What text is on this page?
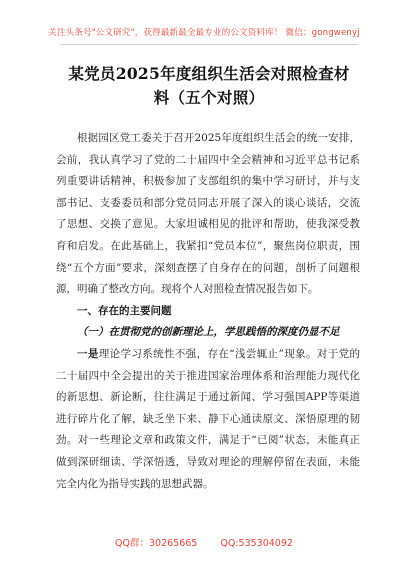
关注头条号"公文研究"，获得最新最全最专业的公文资料库！ 微信：gongwenyj
某党员2025年度组织生活会对照检查材料（五个对照）

根据园区党工委关于召开2025年度组织生活会的统一安排，会前，我认真学习了党的二十届四中全会精神和习近平总书记系列重要讲话精神，积极参加了支部组织的集中学习研讨，并与支部书记、支委委员和部分党员同志开展了深入的谈心谈话，交流了思想、交换了意见。大家坦诚相见的批评和帮助，使我深受教育和启发。在此基础上，我紧扣“党员本位”，聚焦岗位职责，围绕“五个方面”要求，深刻查摆了自身存在的问题，剖析了问题根源，明确了整改方向。现将个人对照检查情况报告如下。

一、存在的主要问题

（一）在贯彻党的创新理论上，学思践悟的深度仍显不足

一是理论学习系统性不强，存在“浅尝辄止”现象。对于党的二十届四中全会提出的关于推进国家治理体系和治理能力现代化的新思想、新论断，往往满足于通过新闻、学习强国APP等渠道进行碎片化了解，缺乏坐下来、静下心通读原文、深悟原理的韧劲。对一些理论文章和政策文件，满足于“已阅”状态，未能真正做到深研细读、学深悟透，导致对理论的理解停留在表面，未能完全内化为指导实践的思想武器。

QQ群：30265665 QQ:535304092
